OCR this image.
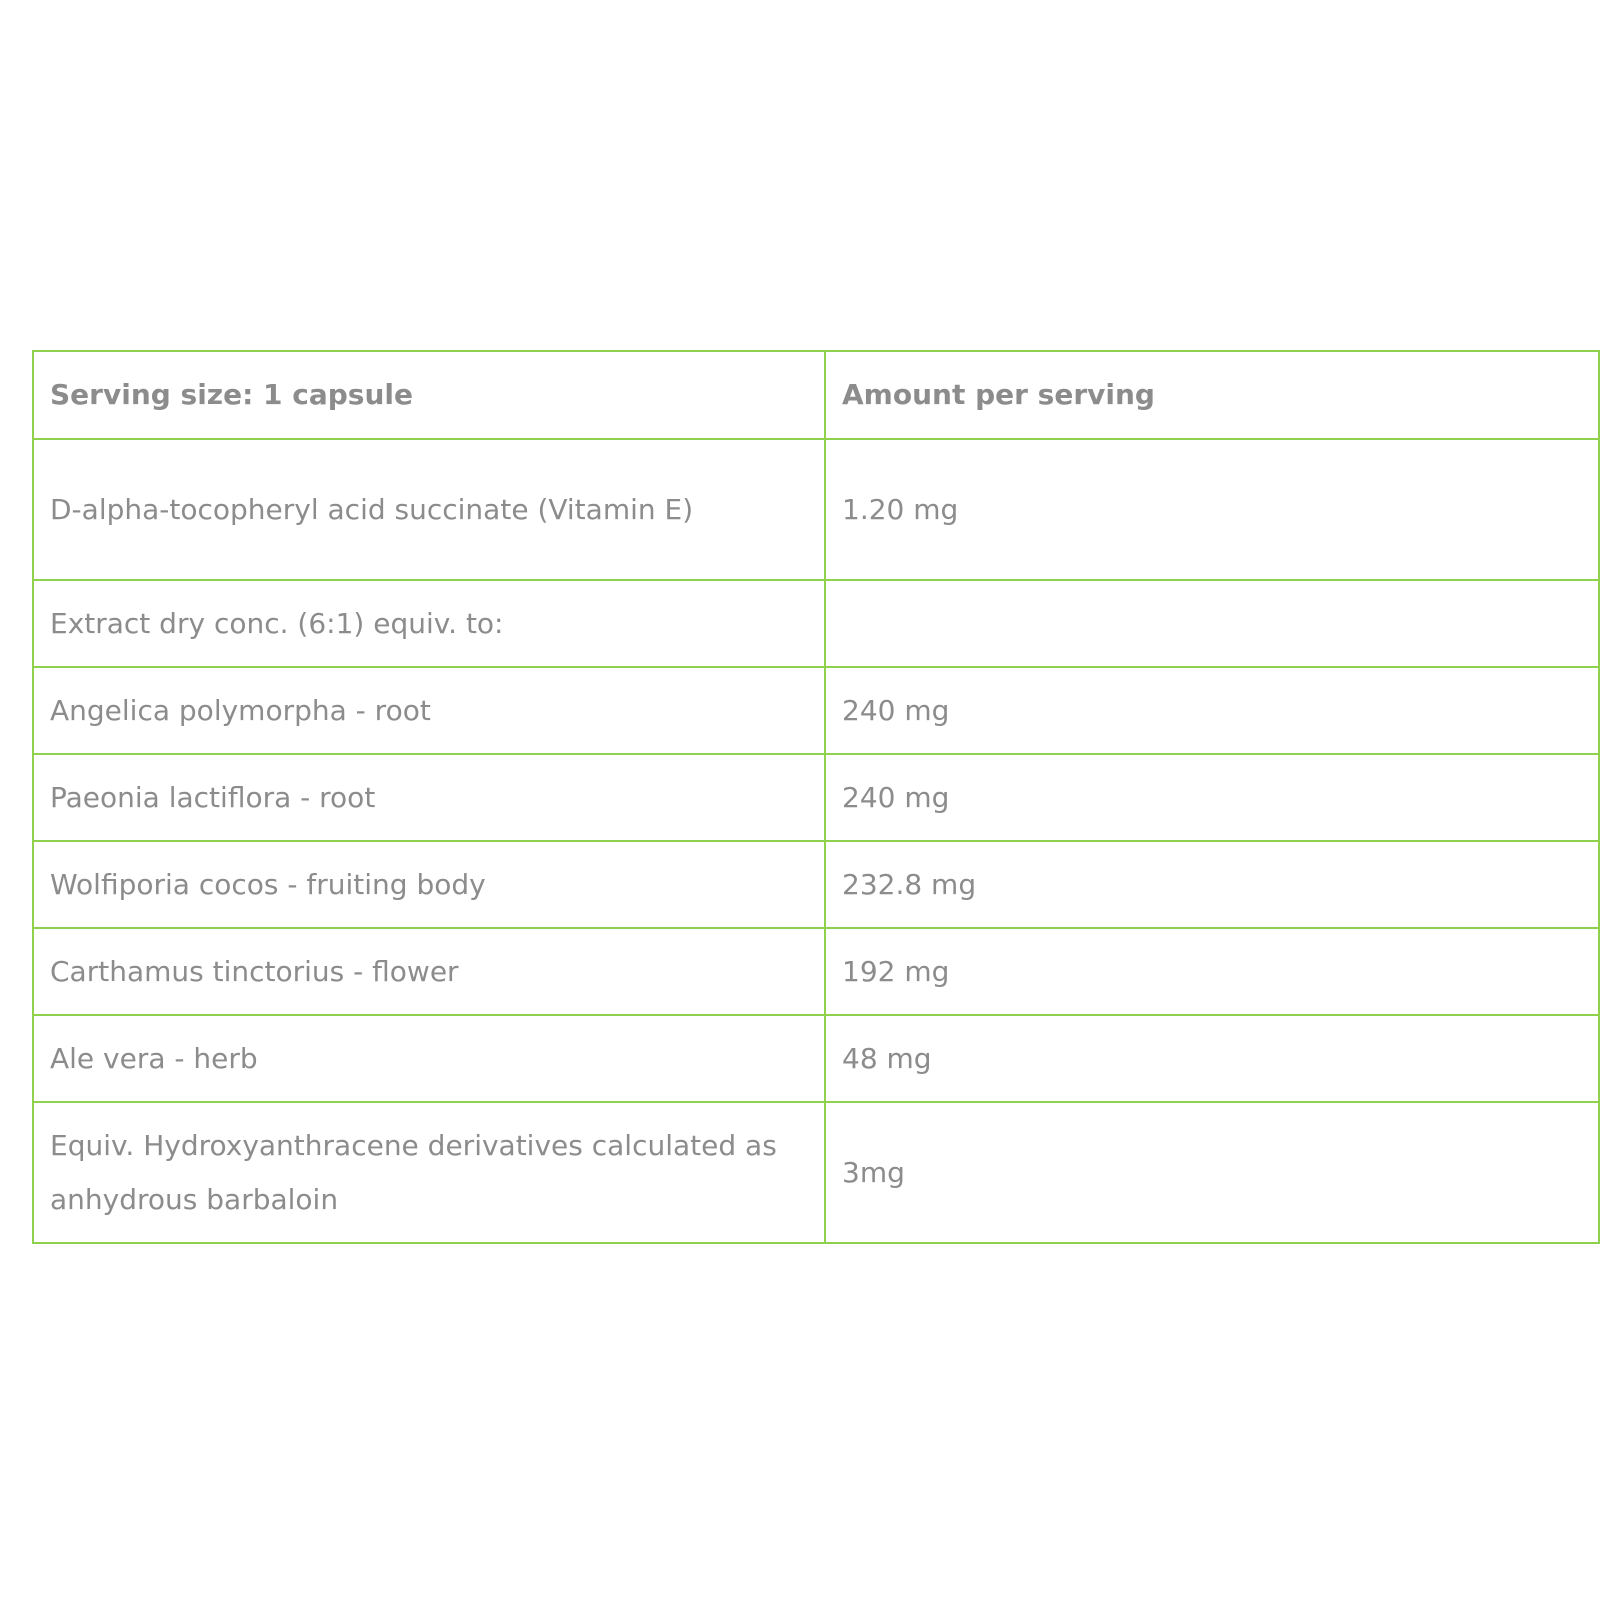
Serving size: 1 capsule	Amount per serving
D-alpha-tocopheryl acid succinate (Vitamin E)	1.20 mg
Extract dry conc. (6:1) equiv. to:	
Angelica polymorpha - root	240 mg
Paeonia lactiflora - root	240 mg
Wolfiporia cocos - fruiting body	232.8 mg
Carthamus tinctorius - flower	192 mg
Ale vera - herb	48 mg
Equiv. Hydroxyanthracene derivatives calculated as anhydrous barbaloin	3mg
